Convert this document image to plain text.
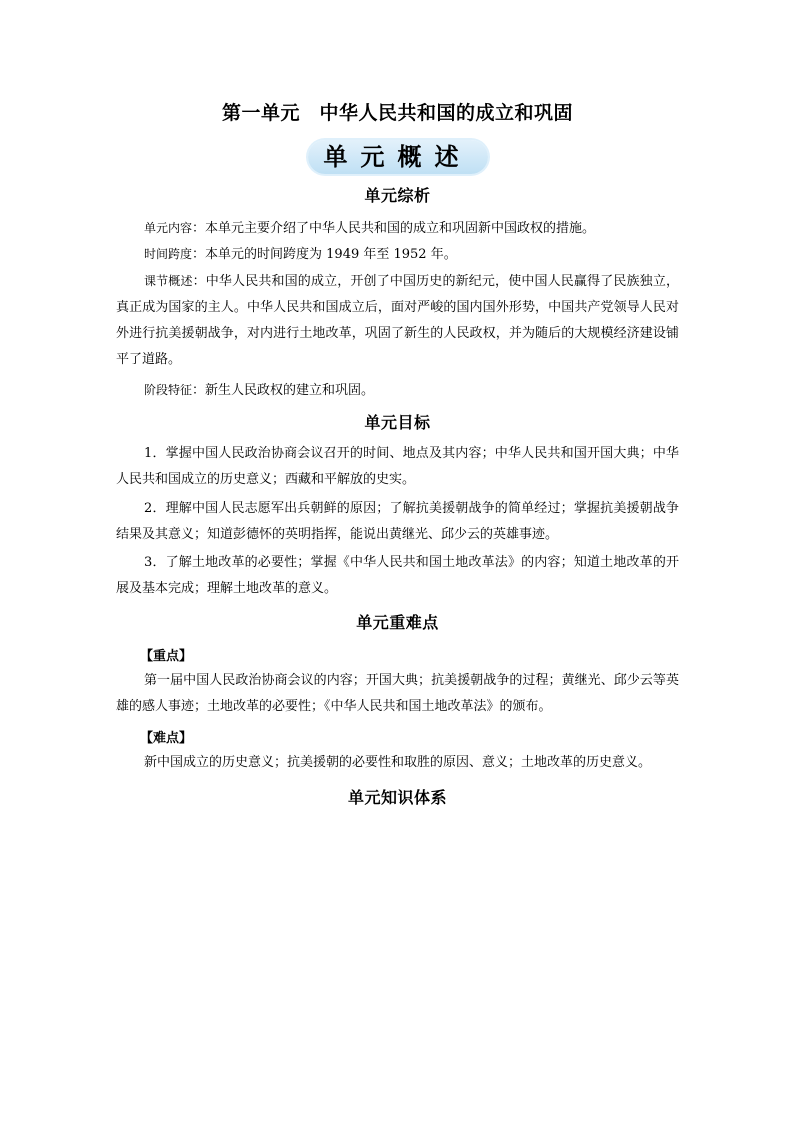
第一单元　中华人民共和国的成立和巩固
单元概述
单元综析
单元内容：本单元主要介绍了中华人民共和国的成立和巩固新中国政权的措施。
时间跨度：本单元的时间跨度为 1949 年至 1952 年。
课节概述：中华人民共和国的成立，开创了中国历史的新纪元，使中国人民赢得了民族独立，真正成为国家的主人。中华人民共和国成立后，面对严峻的国内国外形势，中国共产党领导人民对外进行抗美援朝战争，对内进行土地改革，巩固了新生的人民政权，并为随后的大规模经济建设铺平了道路。
阶段特征：新生人民政权的建立和巩固。
单元目标
1．掌握中国人民政治协商会议召开的时间、地点及其内容；中华人民共和国开国大典；中华人民共和国成立的历史意义；西藏和平解放的史实。
2．理解中国人民志愿军出兵朝鲜的原因；了解抗美援朝战争的简单经过；掌握抗美援朝战争结果及其意义；知道彭德怀的英明指挥，能说出黄继光、邱少云的英雄事迹。
3．了解土地改革的必要性；掌握《中华人民共和国土地改革法》的内容；知道土地改革的开展及基本完成；理解土地改革的意义。
单元重难点
【重点】
第一届中国人民政治协商会议的内容；开国大典；抗美援朝战争的过程；黄继光、邱少云等英雄的感人事迹；土地改革的必要性；《中华人民共和国土地改革法》的颁布。
【难点】
新中国成立的历史意义；抗美援朝的必要性和取胜的原因、意义；土地改革的历史意义。
单元知识体系
